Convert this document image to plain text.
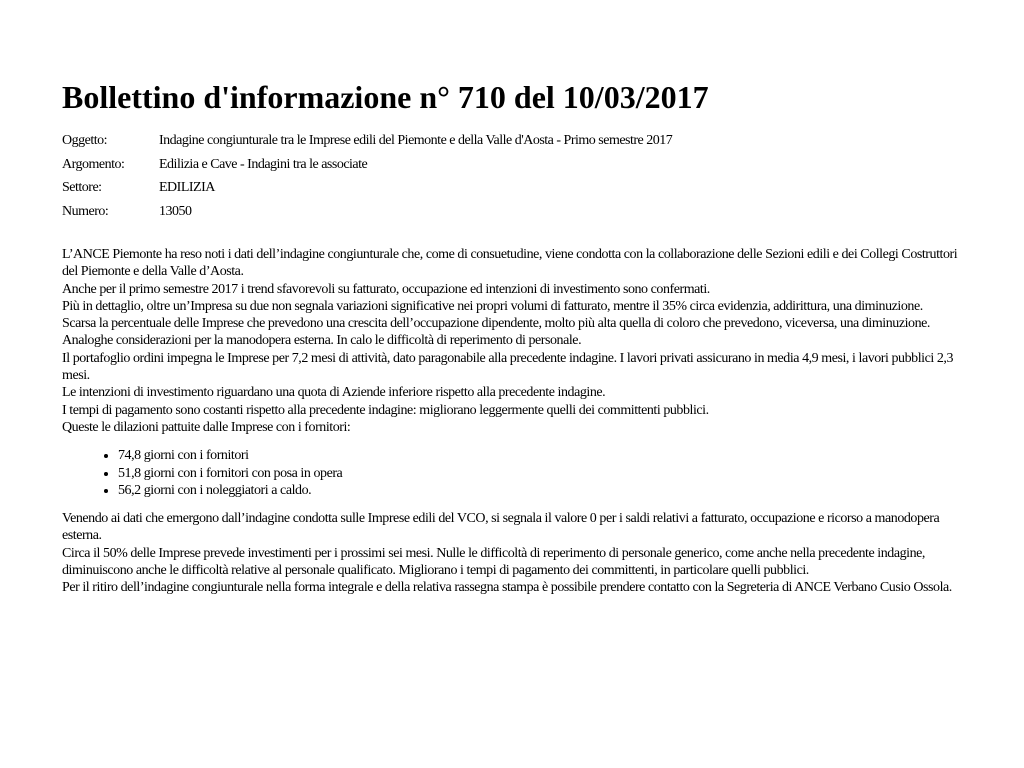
Bollettino d'informazione n° 710 del 10/03/2017
Oggetto:	Indagine congiunturale tra le Imprese edili del Piemonte e della Valle d'Aosta - Primo semestre 2017
Argomento:	Edilizia e Cave - Indagini tra le associate
Settore:	EDILIZIA
Numero:	13050

L’ANCE Piemonte ha reso noti i dati dell’indagine congiunturale che, come di consuetudine, viene condotta con la collaborazione delle Sezioni edili e dei Collegi Costruttori del Piemonte e della Valle d’Aosta.

Anche per il primo semestre 2017 i trend sfavorevoli su fatturato, occupazione ed intenzioni di investimento sono confermati.

Più in dettaglio, oltre un’Impresa su due non segnala variazioni significative nei propri volumi di fatturato, mentre il 35% circa evidenzia, addirittura, una diminuzione.

Scarsa la percentuale delle Imprese che prevedono una crescita dell’occupazione dipendente, molto più alta quella di coloro che prevedono, viceversa, una diminuzione. Analoghe considerazioni per la manodopera esterna. In calo le difficoltà di reperimento di personale.

Il portafoglio ordini impegna le Imprese per 7,2 mesi di attività, dato paragonabile alla precedente indagine. I lavori privati assicurano in media 4,9 mesi, i lavori pubblici 2,3 mesi.

Le intenzioni di investimento riguardano una quota di Aziende inferiore rispetto alla precedente indagine.

I tempi di pagamento sono costanti rispetto alla precedente indagine: migliorano leggermente quelli dei committenti pubblici.

Queste le dilazioni pattuite dalle Imprese con i fornitori:

• 74,8 giorni con i fornitori
• 51,8 giorni con i fornitori con posa in opera
• 56,2 giorni con i noleggiatori a caldo.

Venendo ai dati che emergono dall’indagine condotta sulle Imprese edili del VCO, si segnala il valore 0 per i saldi relativi a fatturato, occupazione e ricorso a manodopera esterna.

Circa il 50% delle Imprese prevede investimenti per i prossimi sei mesi. Nulle le difficoltà di reperimento di personale generico, come anche nella precedente indagine, diminuiscono anche le difficoltà relative al personale qualificato. Migliorano i tempi di pagamento dei committenti, in particolare quelli pubblici.

Per il ritiro dell’indagine congiunturale nella forma integrale e della relativa rassegna stampa è possibile prendere contatto con la Segreteria di ANCE Verbano Cusio Ossola.
